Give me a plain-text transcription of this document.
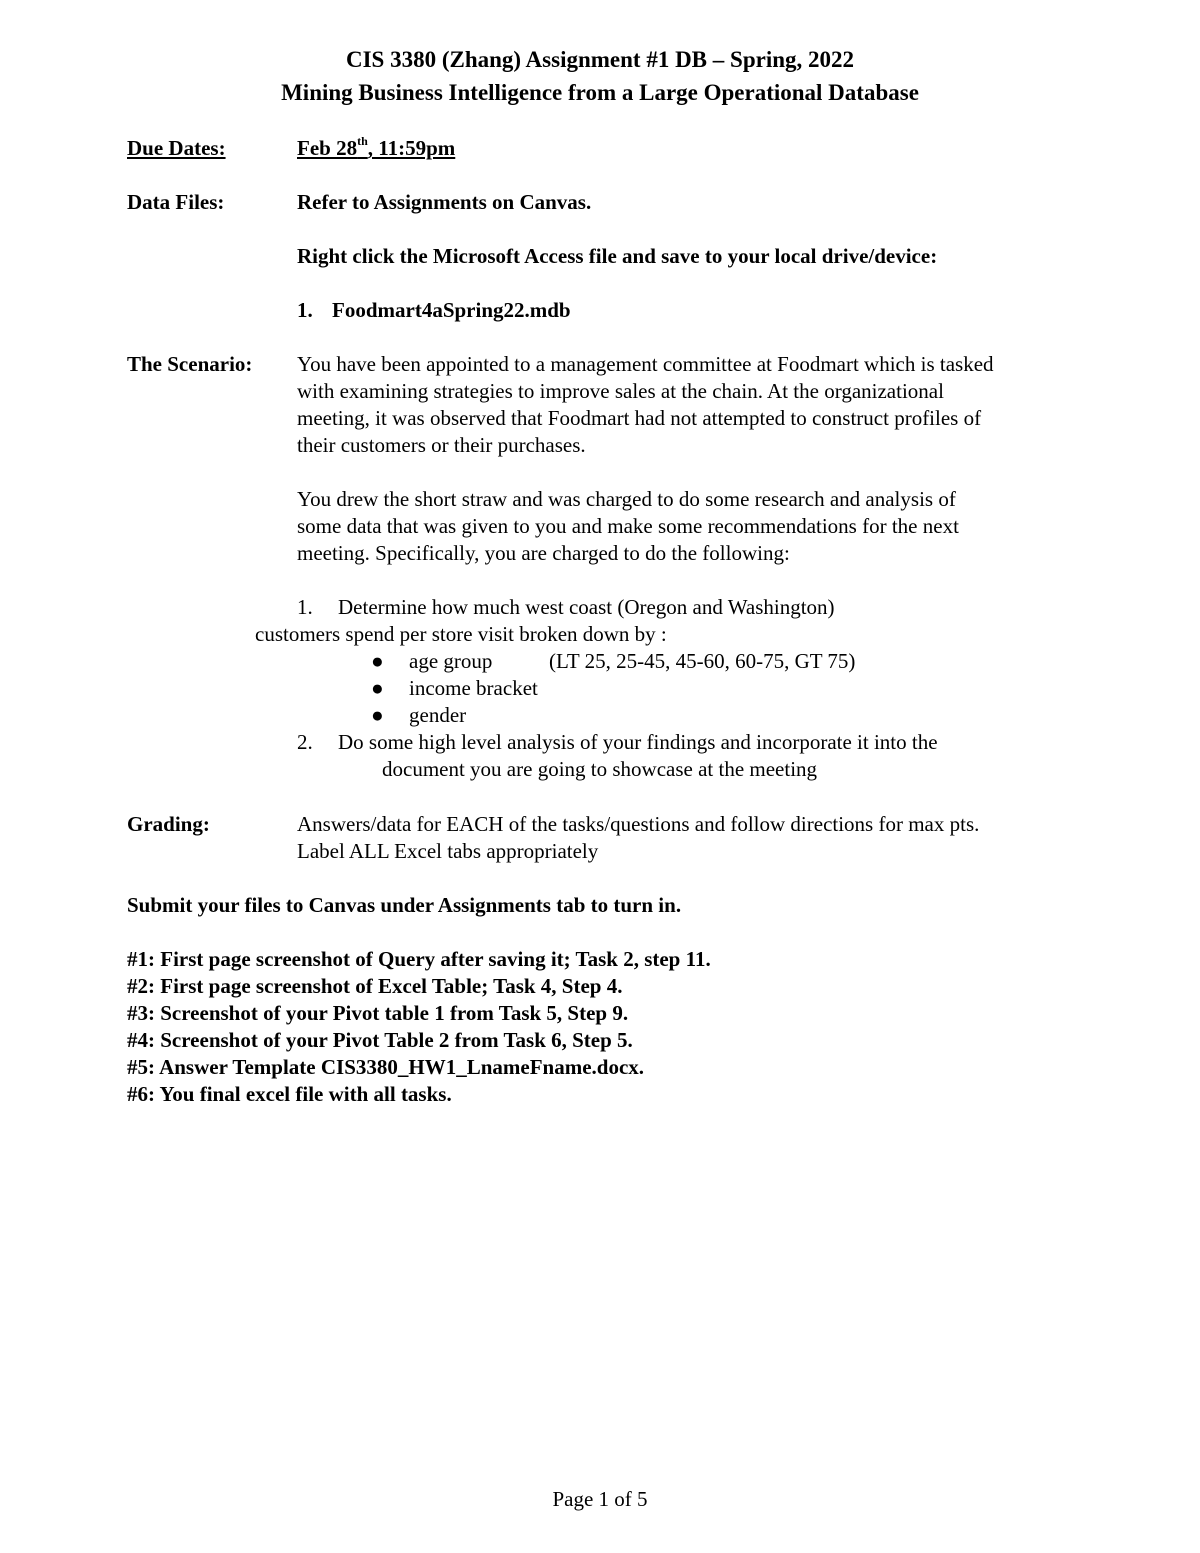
CIS 3380 (Zhang) Assignment #1 DB – Spring, 2022
Mining Business Intelligence from a Large Operational Database
Due Dates:	Feb 28th, 11:59pm
Data Files:	Refer to Assignments on Canvas.
Right click the Microsoft Access file and save to your local drive/device:
1. Foodmart4aSpring22.mdb
The Scenario: You have been appointed to a management committee at Foodmart which is tasked
with examining strategies to improve sales at the chain. At the organizational
meeting, it was observed that Foodmart had not attempted to construct profiles of
their customers or their purchases.
You drew the short straw and was charged to do some research and analysis of
some data that was given to you and make some recommendations for the next
meeting. Specifically, you are charged to do the following:
1. Determine how much west coast (Oregon and Washington)
customers spend per store visit broken down by :
● age group	(LT 25, 25-45, 45-60, 60-75, GT 75)
● income bracket
● gender
2. Do some high level analysis of your findings and incorporate it into the
document you are going to showcase at the meeting
Grading:	Answers/data for EACH of the tasks/questions and follow directions for max pts.
Label ALL Excel tabs appropriately
Submit your files to Canvas under Assignments tab to turn in.
#1: First page screenshot of Query after saving it; Task 2, step 11.
#2: First page screenshot of Excel Table; Task 4, Step 4.
#3: Screenshot of your Pivot table 1 from Task 5, Step 9.
#4: Screenshot of your Pivot Table 2 from Task 6, Step 5.
#5: Answer Template CIS3380_HW1_LnameFname.docx.
#6: You final excel file with all tasks.
Page 1 of 5
